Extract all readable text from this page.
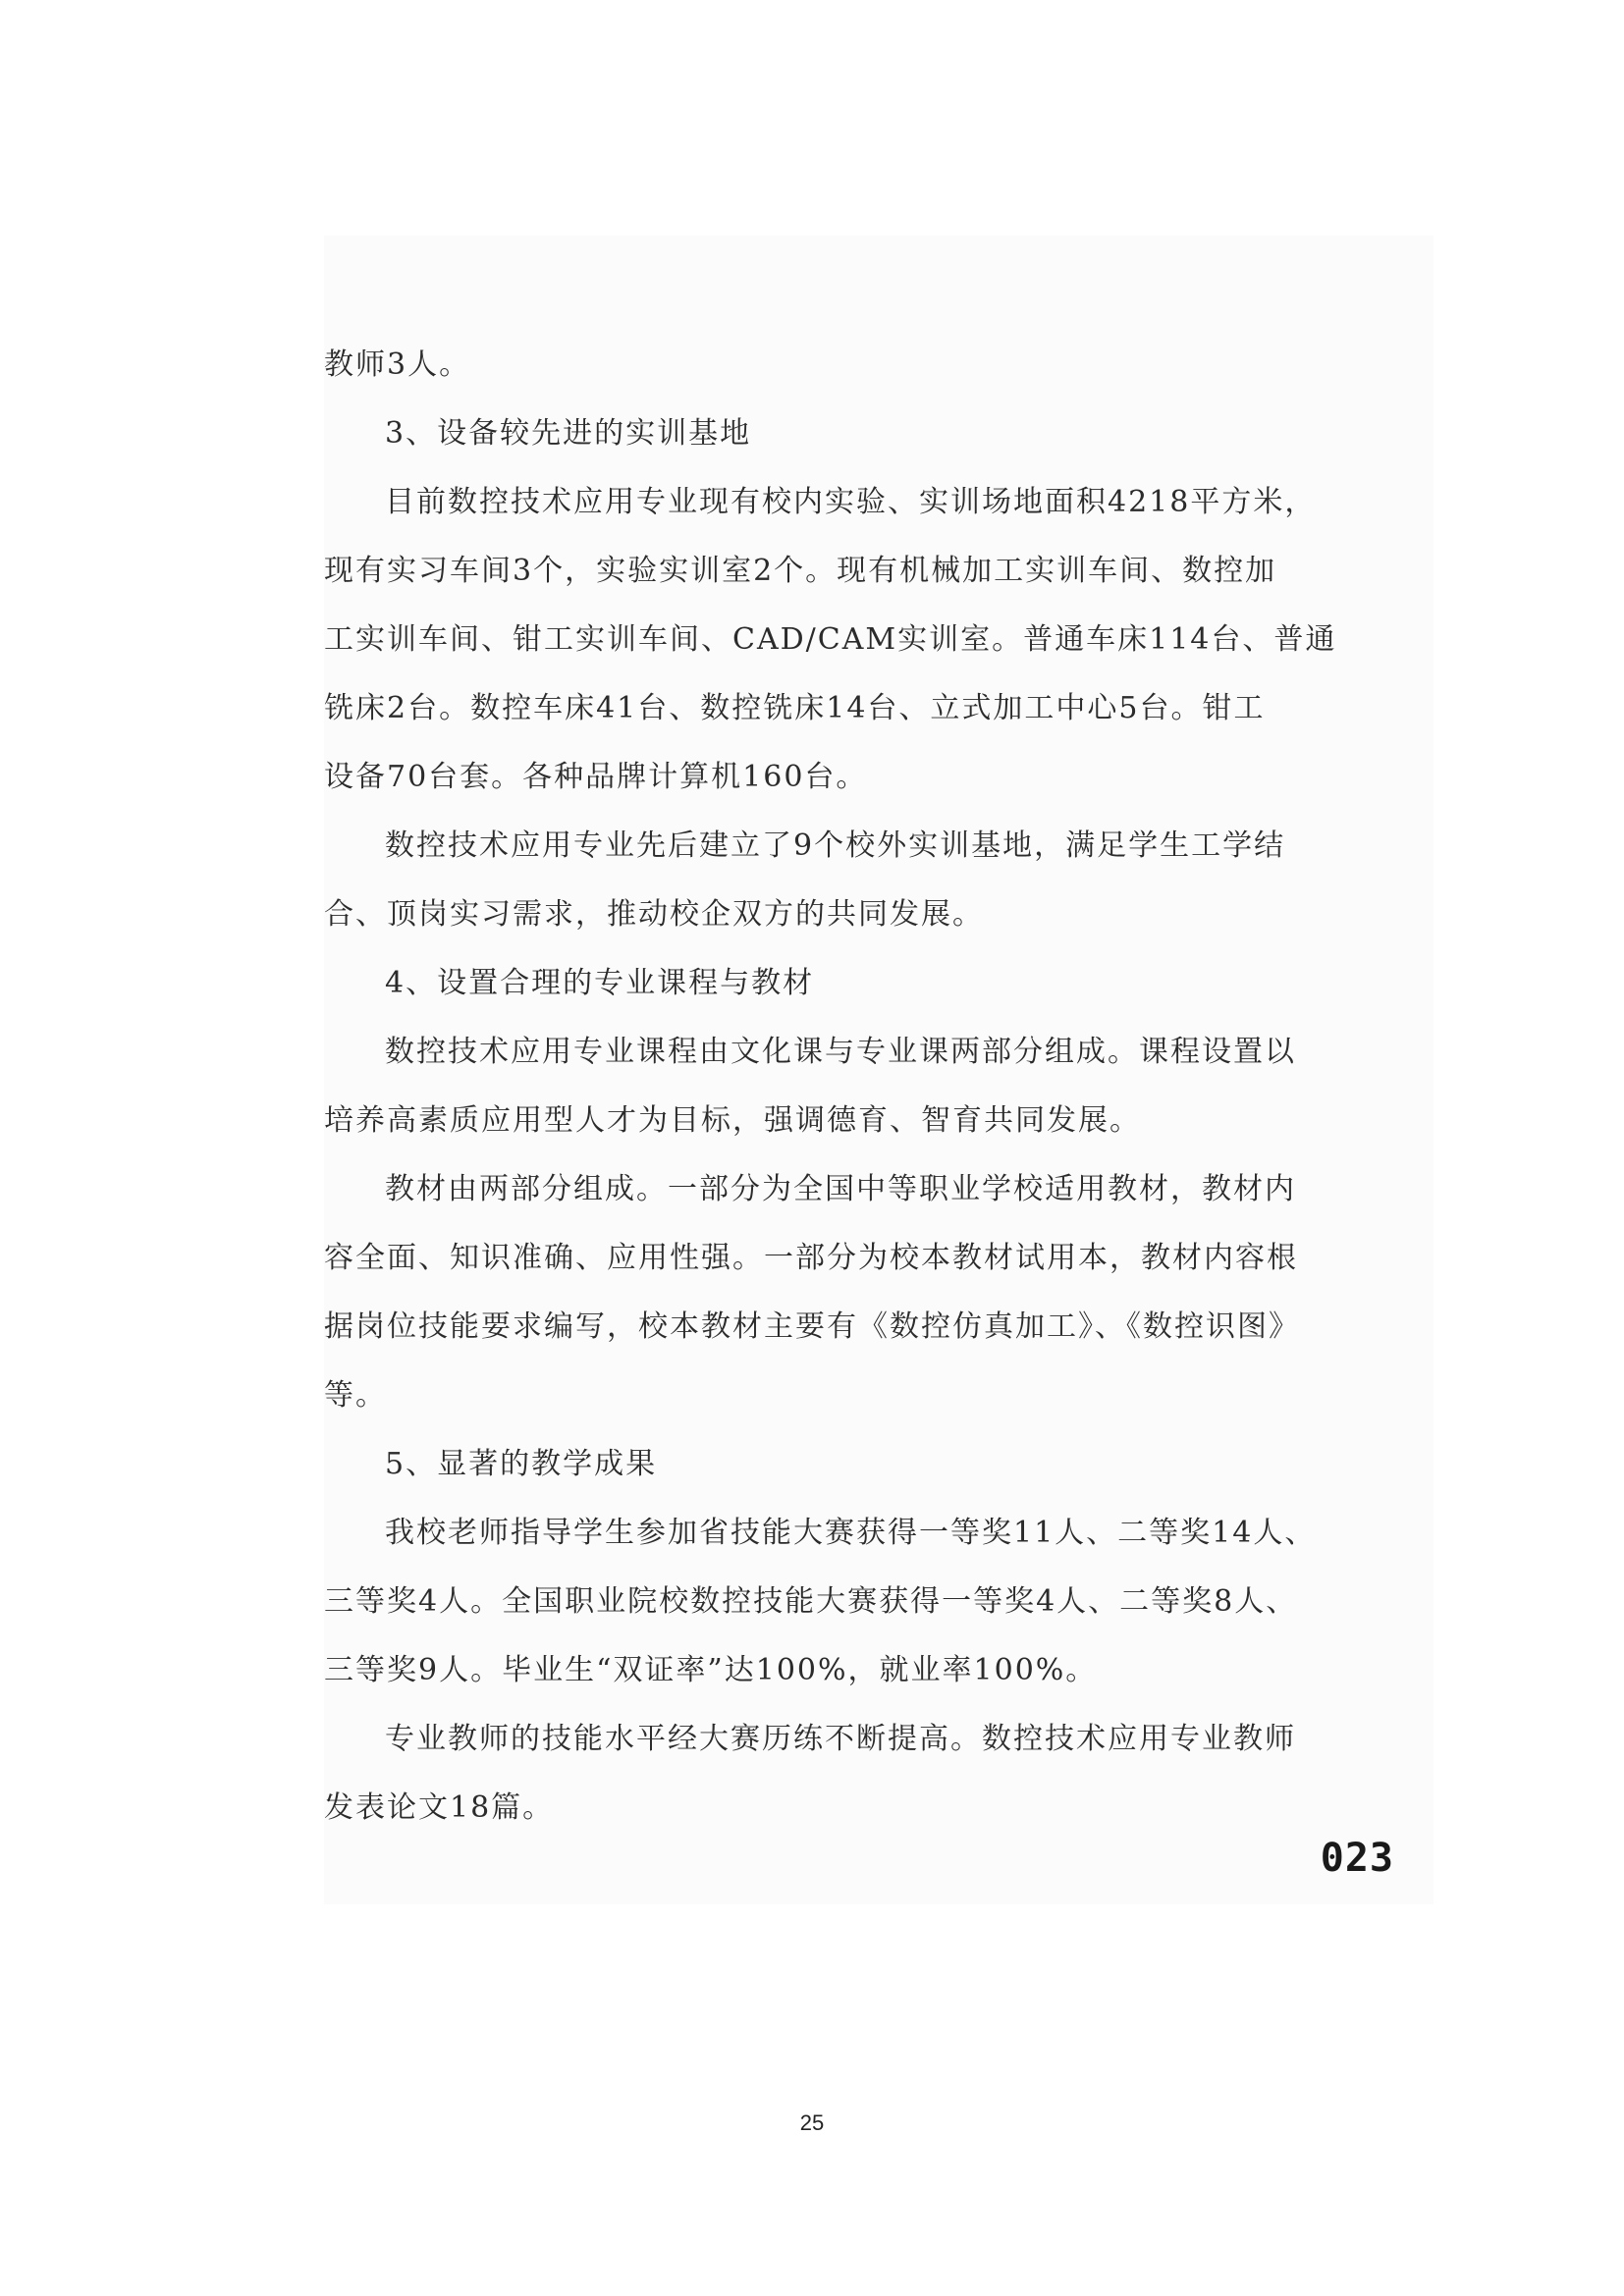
教师3人。
3、设备较先进的实训基地
目前数控技术应用专业现有校内实验、实训场地面积4218平方米，
现有实习车间3个，实验实训室2个。现有机械加工实训车间、数控加
工实训车间、钳工实训车间、CAD/CAM实训室。普通车床114台、普通
铣床2台。数控车床41台、数控铣床14台、立式加工中心5台。钳工
设备70台套。各种品牌计算机160台。
数控技术应用专业先后建立了9个校外实训基地，满足学生工学结
合、顶岗实习需求，推动校企双方的共同发展。
4、设置合理的专业课程与教材
数控技术应用专业课程由文化课与专业课两部分组成。课程设置以
培养高素质应用型人才为目标，强调德育、智育共同发展。
教材由两部分组成。一部分为全国中等职业学校适用教材，教材内
容全面、知识准确、应用性强。一部分为校本教材试用本，教材内容根
据岗位技能要求编写，校本教材主要有《数控仿真加工》、《数控识图》
等。
5、显著的教学成果
我校老师指导学生参加省技能大赛获得一等奖11人、二等奖14人、
三等奖4人。全国职业院校数控技能大赛获得一等奖4人、二等奖8人、
三等奖9人。毕业生“双证率”达100%，就业率100%。
专业教师的技能水平经大赛历练不断提高。数控技术应用专业教师
发表论文18篇。
023
25
